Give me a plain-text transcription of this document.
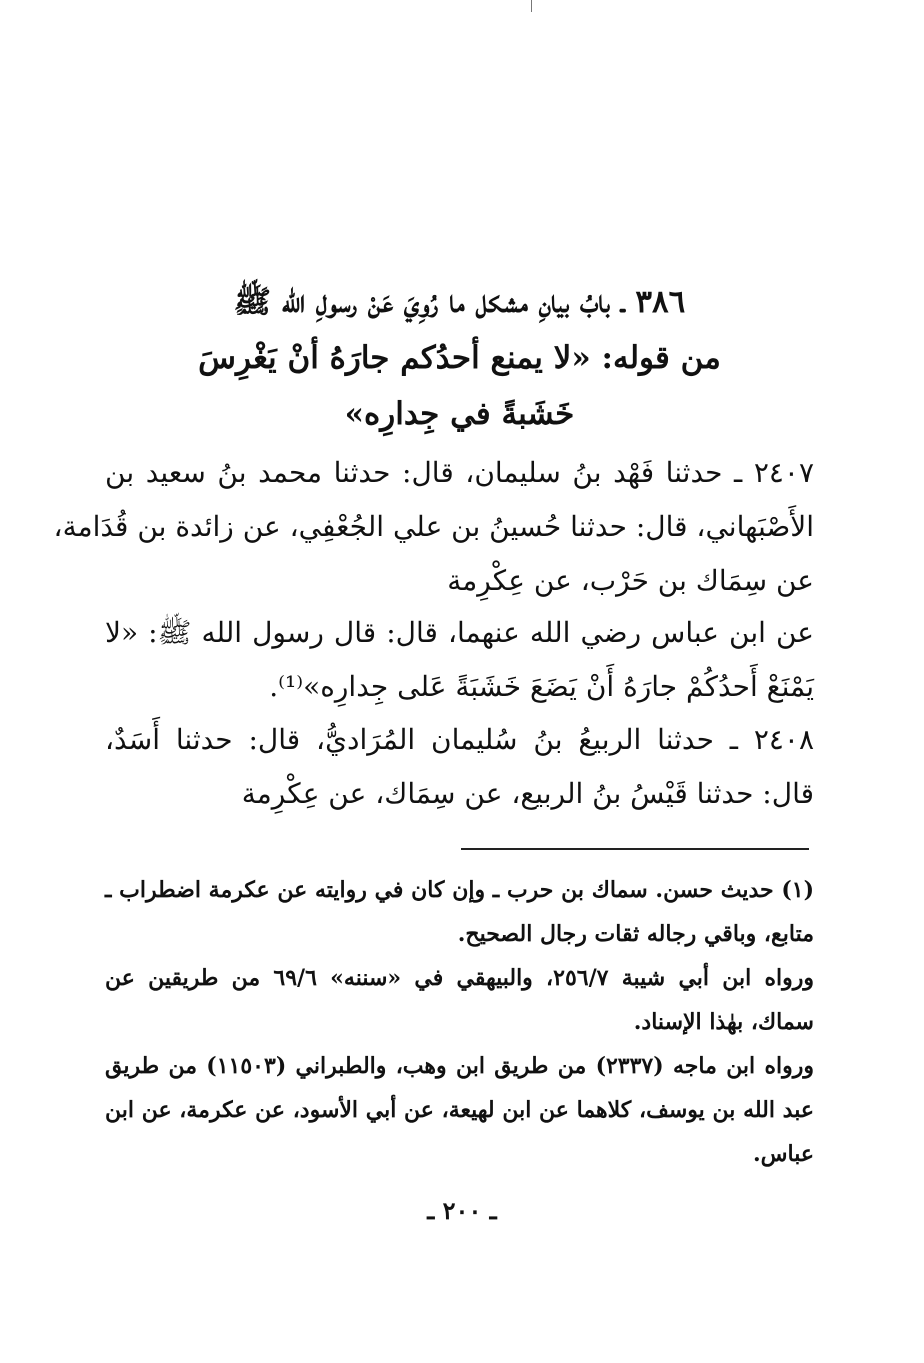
٣٨٦ ـ بابُ بيانِ مشكل ما رُوِيَ عَنْ رسولِ الله ﷺ
من قوله: «لا يمنع أحدُكم جارَهُ أنْ يَغْرِسَ
خَشَبةً في جِدارِه»
٢٤٠٧ ـ حدثنا فَهْد بنُ سليمان، قال: حدثنا محمد بنُ سعيد بن
الأَصْبَهاني، قال: حدثنا حُسينُ بن علي الجُعْفِي، عن زائدة بن قُدَامة،
عن سِمَاك بن حَرْب، عن عِكْرِمة
عن ابن عباس رضي الله عنهما، قال: قال رسول الله ﷺ: «لا
يَمْنَعْ أَحدُكُمْ جارَهُ أَنْ يَضَعَ خَشَبَةً عَلى جِدارِه»⁽¹⁾.
٢٤٠٨ ـ حدثنا الربيعُ بنُ سُليمان المُرَاديُّ، قال: حدثنا أَسَدٌ،
قال: حدثنا قَيْسُ بنُ الربيع، عن سِمَاك، عن عِكْرِمة
(١) حديث حسن. سماك بن حرب ـ وإن كان في روايته عن عكرمة اضطراب ـ
متابع، وباقي رجاله ثقات رجال الصحيح.
ورواه ابن أبي شيبة ٢٥٦/٧، والبيهقي في «سننه» ٦٩/٦ من طريقين عن
سماك، بهٰذا الإسناد.
ورواه ابن ماجه (٢٣٣٧) من طريق ابن وهب، والطبراني (١١٥٠٣) من طريق
عبد الله بن يوسف، كلاهما عن ابن لهيعة، عن أبي الأسود، عن عكرمة، عن ابن
عباس.
ـ ٢٠٠ ـ
